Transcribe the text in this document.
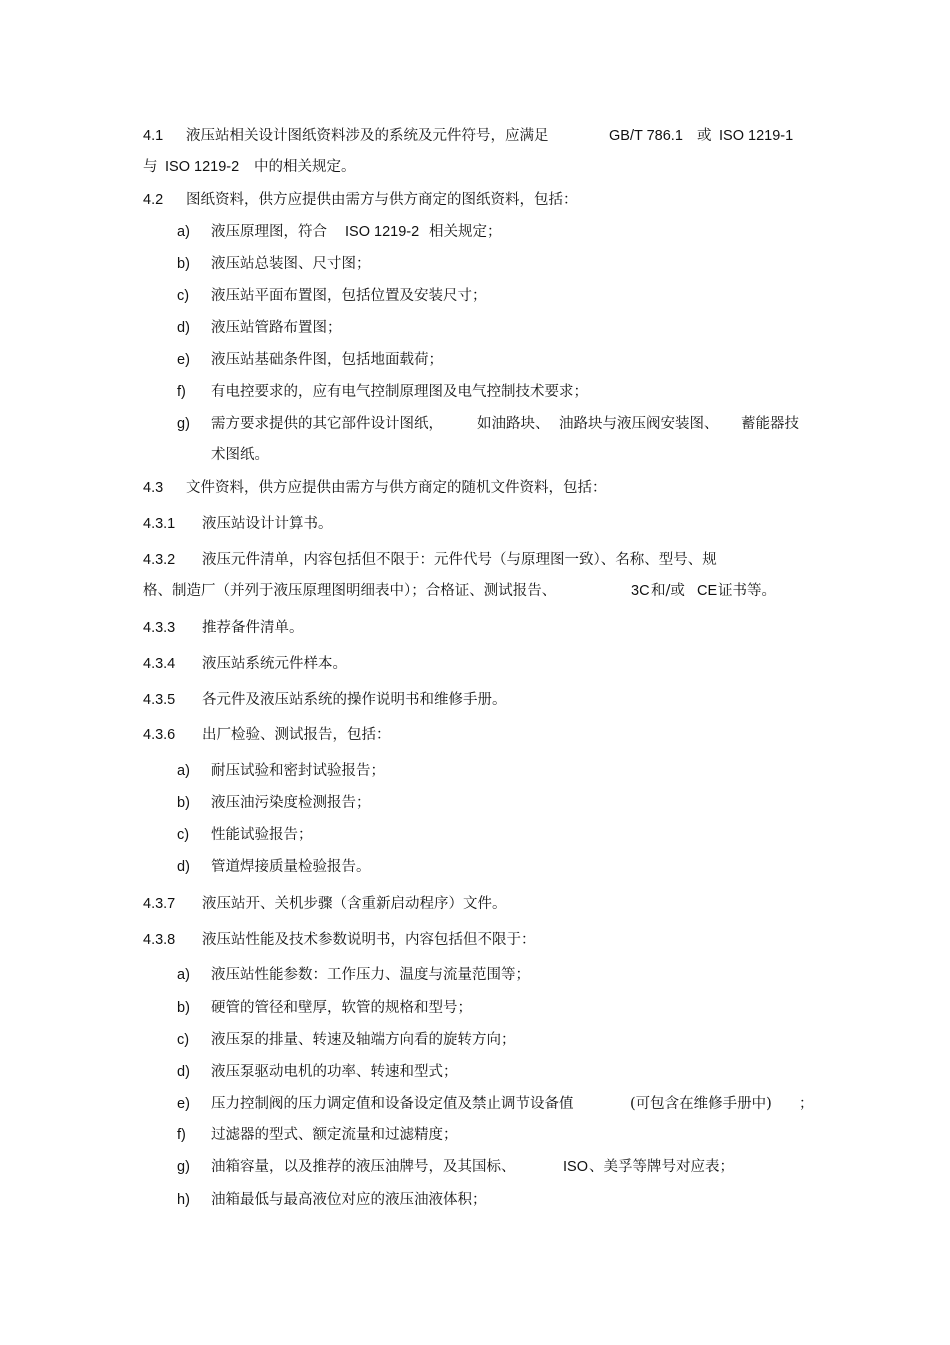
4.1 液压站相关设计图纸资料涉及的系统及元件符号，应满足	GB/T 786.1 或 ISO 1219-1
与 ISO 1219-2 中的相关规定。
4.2 图纸资料，供方应提供由需方与供方商定的图纸资料，包括：
a) 液压原理图，符合 ISO 1219-2 相关规定；
b) 液压站总装图、尺寸图；
c) 液压站平面布置图，包括位置及安装尺寸；
d) 液压站管路布置图；
e) 液压站基础条件图，包括地面载荷；
f) 有电控要求的，应有电气控制原理图及电气控制技术要求；
g) 需方要求提供的其它部件设计图纸， 如油路块、 油路块与液压阀安装图、 蓄能器技
术图纸。
4.3 文件资料，供方应提供由需方与供方商定的随机文件资料，包括：
4.3.1 液压站设计计算书。
4.3.2 液压元件清单，内容包括但不限于：元件代号（与原理图一致）、名称、型号、规
格、制造厂（并列于液压原理图明细表中）；合格证、测试报告、	3C 和/或 CE 证书等。
4.3.3 推荐备件清单。
4.3.4 液压站系统元件样本。
4.3.5 各元件及液压站系统的操作说明书和维修手册。
4.3.6 出厂检验、测试报告，包括：
a) 耐压试验和密封试验报告；
b) 液压油污染度检测报告；
c) 性能试验报告；
d) 管道焊接质量检验报告。
4.3.7 液压站开、关机步骤（含重新启动程序）文件。
4.3.8 液压站性能及技术参数说明书，内容包括但不限于：
a) 液压站性能参数：工作压力、温度与流量范围等；
b) 硬管的管径和壁厚，软管的规格和型号；
c) 液压泵的排量、转速及轴端方向看的旋转方向；
d) 液压泵驱动电机的功率、转速和型式；
e) 压力控制阀的压力调定值和设备设定值及禁止调节设备值	(可包含在维修手册中) ；
f) 过滤器的型式、额定流量和过滤精度；
g) 油箱容量，以及推荐的液压油牌号，及其国标、	ISO 、美孚等牌号对应表；
h) 油箱最低与最高液位对应的液压油液体积；
